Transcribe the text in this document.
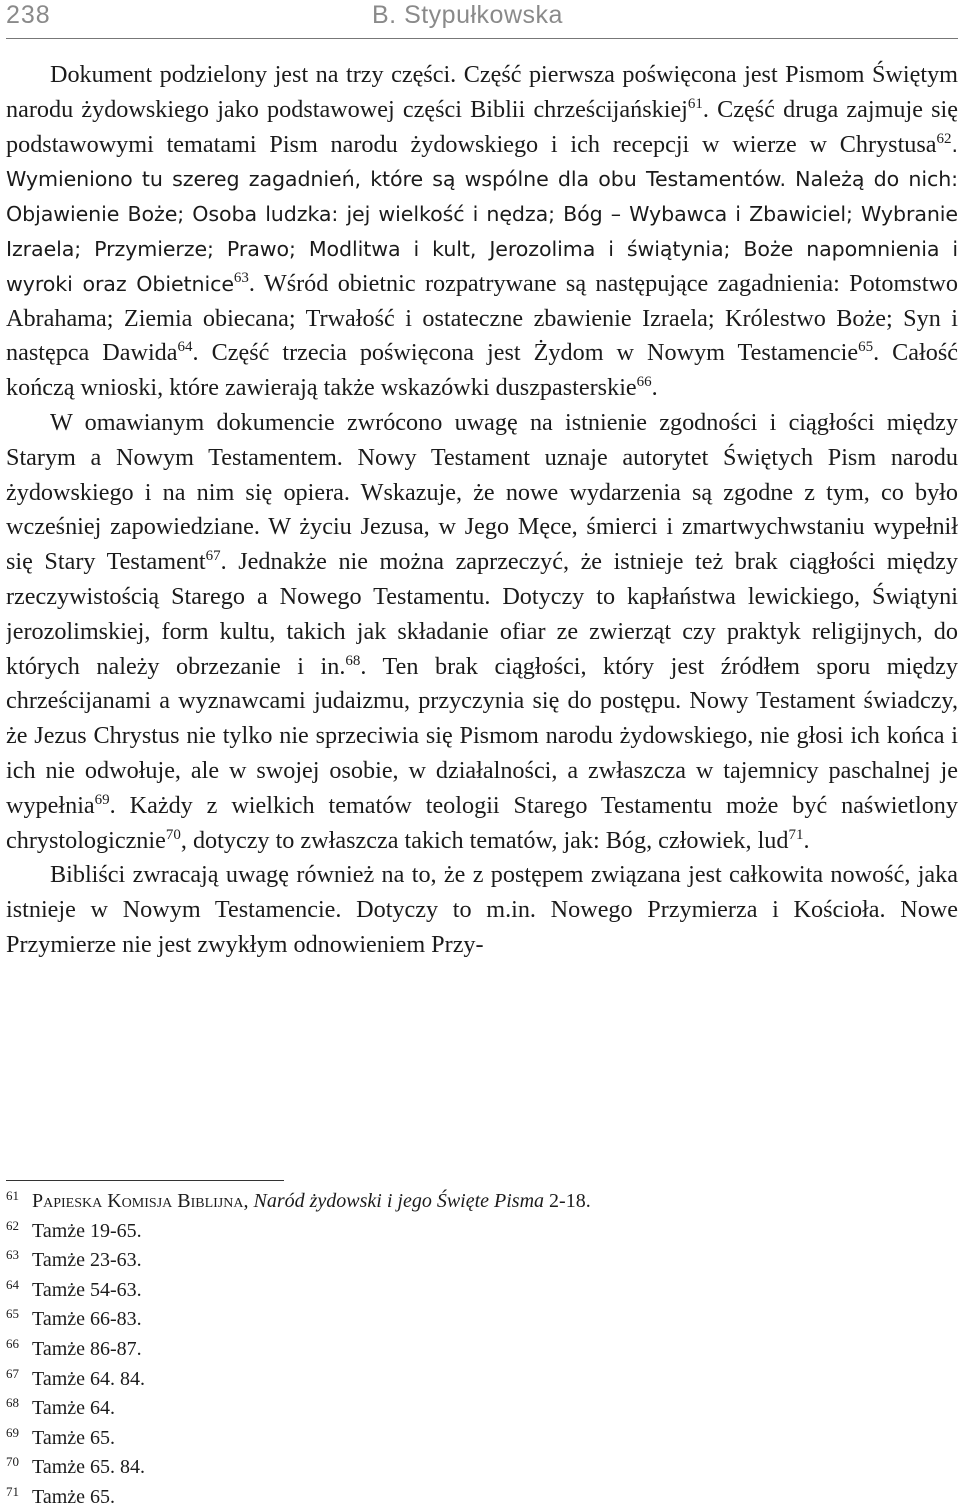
238	B. Stypułkowska

Dokument podzielony jest na trzy części. Część pierwsza poświęcona jest Pismom Świętym narodu żydowskiego jako podstawowej części Biblii chrześcijańskiej$^{61}$. Część druga zajmuje się podstawowymi tematami Pism narodu żydowskiego i ich recepcji w wierze w Chrystusa$^{62}$. Wymieniono tu szereg zagadnień, które są wspólne dla obu Testamentów. Należą do nich: Objawienie Boże; Osoba ludzka: jej wielkość i nędza; Bóg – Wybawca i Zbawiciel; Wybranie Izraela; Przymierze; Prawo; Modlitwa i kult, Jerozolima i świątynia; Boże napomnienia i wyroki oraz Obietnice$^{63}$. Wśród obietnic rozpatrywane są następujące zagadnienia: Potomstwo Abrahama; Ziemia obiecana; Trwałość i ostateczne zbawienie Izraela; Królestwo Boże; Syn i następca Dawida$^{64}$. Część trzecia poświęcona jest Żydom w Nowym Testamencie$^{65}$. Całość kończą wnioski, które zawierają także wskazówki duszpasterskie$^{66}$.

W omawianym dokumencie zwrócono uwagę na istnienie zgodności i ciągłości między Starym a Nowym Testamentem. Nowy Testament uznaje autorytet Świętych Pism narodu żydowskiego i na nim się opiera. Wskazuje, że nowe wydarzenia są zgodne z tym, co było wcześniej zapowiedziane. W życiu Jezusa, w Jego Męce, śmierci i zmartwychwstaniu wypełnił się Stary Testament$^{67}$. Jednakże nie można zaprzeczyć, że istnieje też brak ciągłości między rzeczywistością Starego a Nowego Testamentu. Dotyczy to kapłaństwa lewickiego, Świątyni jerozolimskiej, form kultu, takich jak składanie ofiar ze zwierząt czy praktyk religijnych, do których należy obrzezanie i in.$^{68}$. Ten brak ciągłości, który jest źródłem sporu między chrześcijanami a wyznawcami judaizmu, przyczynia się do postępu. Nowy Testament świadczy, że Jezus Chrystus nie tylko nie sprzeciwia się Pismom narodu żydowskiego, nie głosi ich końca i ich nie odwołuje, ale w swojej osobie, w działalności, a zwłaszcza w tajemnicy paschalnej je wypełnia$^{69}$. Każdy z wielkich tematów teologii Starego Testamentu może być naświetlony chrystologicznie$^{70}$, dotyczy to zwłaszcza takich tematów, jak: Bóg, człowiek, lud$^{71}$.

Bibliści zwracają uwagę również na to, że z postępem związana jest całkowita nowość, jaka istnieje w Nowym Testamencie. Dotyczy to m.in. Nowego Przymierza i Kościoła. Nowe Przymierze nie jest zwykłym odnowieniem Przy-

61 Papieska Komisja Biblijna, Naród żydowski i jego Święte Pisma 2-18.
62 Tamże 19-65.
63 Tamże 23-63.
64 Tamże 54-63.
65 Tamże 66-83.
66 Tamże 86-87.
67 Tamże 64. 84.
68 Tamże 64.
69 Tamże 65.
70 Tamże 65. 84.
71 Tamże 65.
